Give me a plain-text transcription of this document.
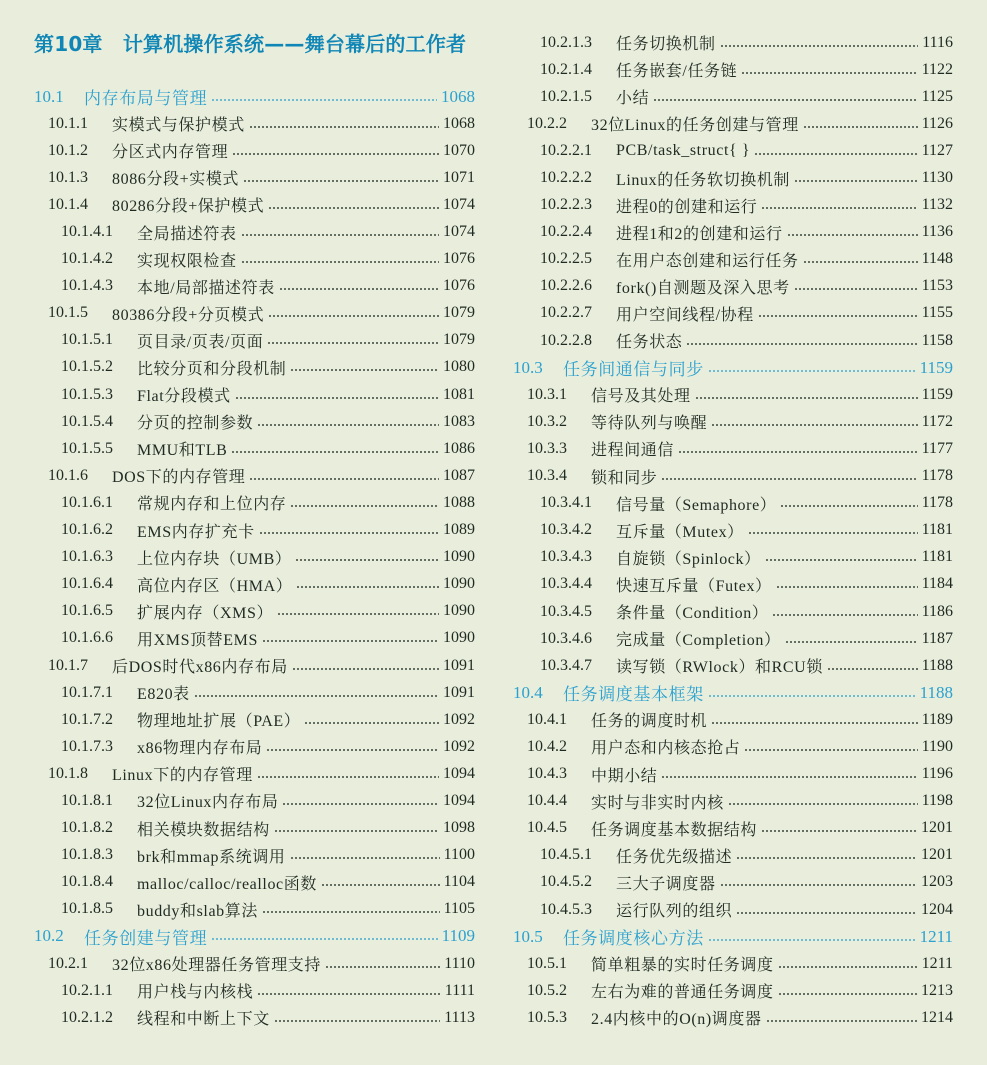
第10章　计算机操作系统——舞台幕后的工作者
10.1	内存布局与管理	1068
10.1.1	实模式与保护模式	1068
10.1.2	分区式内存管理	1070
10.1.3	8086分段+实模式	1071
10.1.4	80286分段+保护模式	1074
10.1.4.1	全局描述符表	1074
10.1.4.2	实现权限检查	1076
10.1.4.3	本地/局部描述符表	1076
10.1.5	80386分段+分页模式	1079
10.1.5.1	页目录/页表/页面	1079
10.1.5.2	比较分页和分段机制	1080
10.1.5.3	Flat分段模式	1081
10.1.5.4	分页的控制参数	1083
10.1.5.5	MMU和TLB	1086
10.1.6	DOS下的内存管理	1087
10.1.6.1	常规内存和上位内存	1088
10.1.6.2	EMS内存扩充卡	1089
10.1.6.3	上位内存块（UMB）	1090
10.1.6.4	高位内存区（HMA）	1090
10.1.6.5	扩展内存（XMS）	1090
10.1.6.6	用XMS顶替EMS	1090
10.1.7	后DOS时代x86内存布局	1091
10.1.7.1	E820表	1091
10.1.7.2	物理地址扩展（PAE）	1092
10.1.7.3	x86物理内存布局	1092
10.1.8	Linux下的内存管理	1094
10.1.8.1	32位Linux内存布局	1094
10.1.8.2	相关模块数据结构	1098
10.1.8.3	brk和mmap系统调用	1100
10.1.8.4	malloc/calloc/realloc函数	1104
10.1.8.5	buddy和slab算法	1105
10.2	任务创建与管理	1109
10.2.1	32位x86处理器任务管理支持	1110
10.2.1.1	用户栈与内核栈	1111
10.2.1.2	线程和中断上下文	1113
10.2.1.3	任务切换机制	1116
10.2.1.4	任务嵌套/任务链	1122
10.2.1.5	小结	1125
10.2.2	32位Linux的任务创建与管理	1126
10.2.2.1	PCB/task_struct{ }	1127
10.2.2.2	Linux的任务软切换机制	1130
10.2.2.3	进程0的创建和运行	1132
10.2.2.4	进程1和2的创建和运行	1136
10.2.2.5	在用户态创建和运行任务	1148
10.2.2.6	fork()自测题及深入思考	1153
10.2.2.7	用户空间线程/协程	1155
10.2.2.8	任务状态	1158
10.3	任务间通信与同步	1159
10.3.1	信号及其处理	1159
10.3.2	等待队列与唤醒	1172
10.3.3	进程间通信	1177
10.3.4	锁和同步	1178
10.3.4.1	信号量（Semaphore）	1178
10.3.4.2	互斥量（Mutex）	1181
10.3.4.3	自旋锁（Spinlock）	1181
10.3.4.4	快速互斥量（Futex）	1184
10.3.4.5	条件量（Condition）	1186
10.3.4.6	完成量（Completion）	1187
10.3.4.7	读写锁（RWlock）和RCU锁	1188
10.4	任务调度基本框架	1188
10.4.1	任务的调度时机	1189
10.4.2	用户态和内核态抢占	1190
10.4.3	中期小结	1196
10.4.4	实时与非实时内核	1198
10.4.5	任务调度基本数据结构	1201
10.4.5.1	任务优先级描述	1201
10.4.5.2	三大子调度器	1203
10.4.5.3	运行队列的组织	1204
10.5	任务调度核心方法	1211
10.5.1	简单粗暴的实时任务调度	1211
10.5.2	左右为难的普通任务调度	1213
10.5.3	2.4内核中的O(n)调度器	1214
